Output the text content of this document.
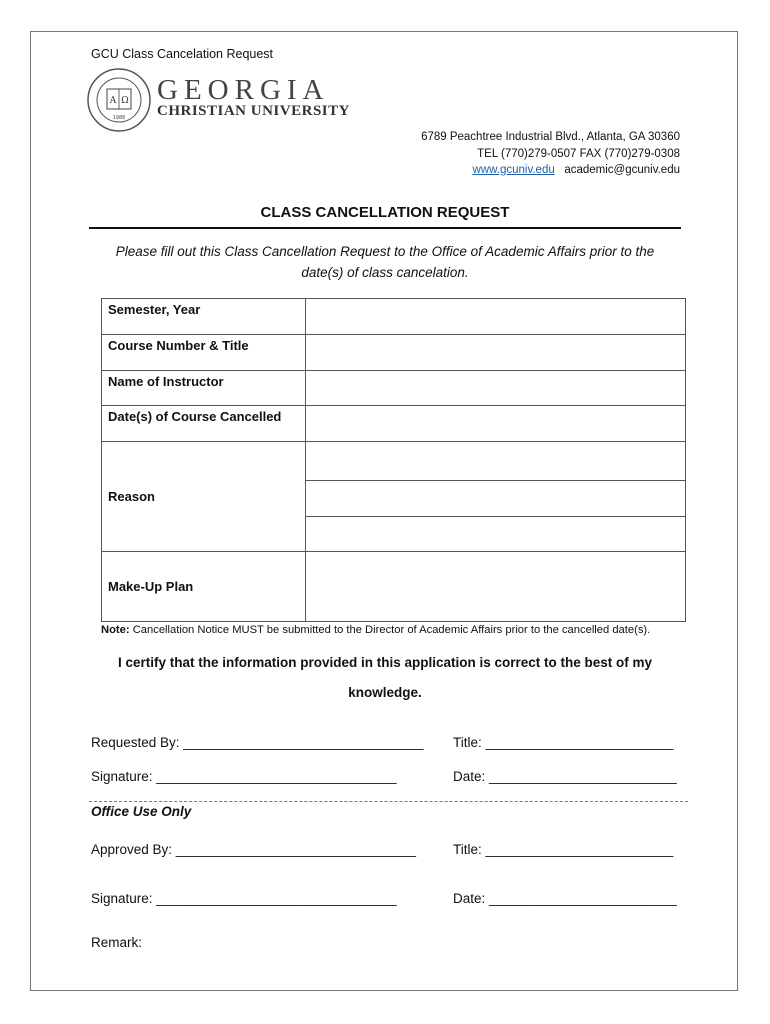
GCU Class Cancelation Request
A Ω
1986
GEORGIA
CHRISTIAN UNIVERSITY
6789 Peachtree Industrial Blvd., Atlanta, GA 30360
TEL (770)279-0507 FAX (770)279-0308
www.gcuniv.edu academic@gcuniv.edu
CLASS CANCELLATION REQUEST
Please fill out this Class Cancellation Request to the Office of Academic Affairs prior to the
date(s) of class cancelation.
Semester, Year	
Course Number & Title	
Name of Instructor	
Date(s) of Course Cancelled	
Reason	

Make-Up Plan	
Note: Cancellation Notice MUST be submitted to the Director of Academic Affairs prior to the cancelled date(s).
I certify that the information provided in this application is correct to the best of my
knowledge.
Requested By: ________________________________ Title: _________________________
Signature: ________________________________	Date: _________________________
Office Use Only
Approved By: ________________________________	Title: _________________________
Signature: ________________________________	Date: _________________________
Remark:
